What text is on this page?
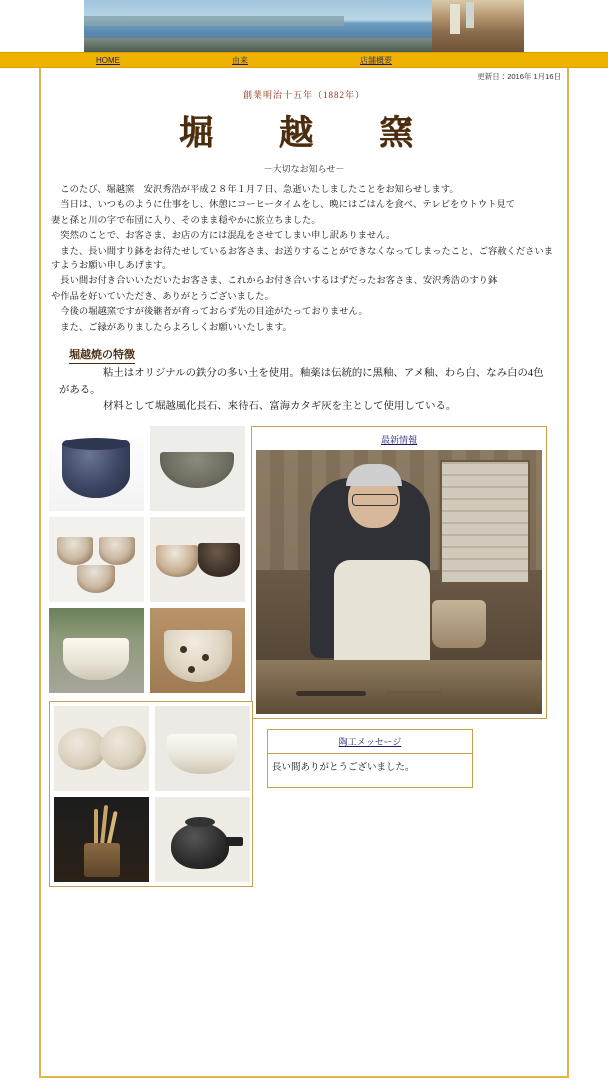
HOME	由来	店舗概要
更新日：2016年 1月16日
創業明治十五年（1882年）
堀　越　窯
－大切なお知らせ－

　このたび、堀越窯　安沢秀浩が平成２８年１月７日、急逝いたしましたことをお知らせします。

　当日は、いつものように仕事をし、休憩にコーヒータイムをし、晩にはごはんを食べ、テレビをウトウト見て

妻と孫と川の字で布団に入り、そのまま穏やかに旅立ちました。

　突然のことで、お客さま、お店の方には混乱をさせてしまい申し訳ありません。

　また、長い間すり鉢をお待たせしているお客さま、お送りすることができなくなってしまったこと、ご容赦くださいますようお願い申しあげます。

　長い間お付き合いいただいたお客さま、これからお付き合いするはずだったお客さま、安沢秀浩のすり鉢

や作品を好いていただき、ありがとうございました。

　今後の堀越窯ですが後継者が育っておらず先の目途がたっておりません。

　また、ご縁がありましたらよろしくお願いいたします。

堀越焼の特徴

粘土はオリジナルの鉄分の多い土を使用。釉薬は伝統的に黒釉、アメ釉、わら白、なみ白の4色がある。

材料として堀越風化長石、来待石、富海カタギ灰を主として使用している。

最新情報
陶工メッセージ
長い間ありがとうございました。
